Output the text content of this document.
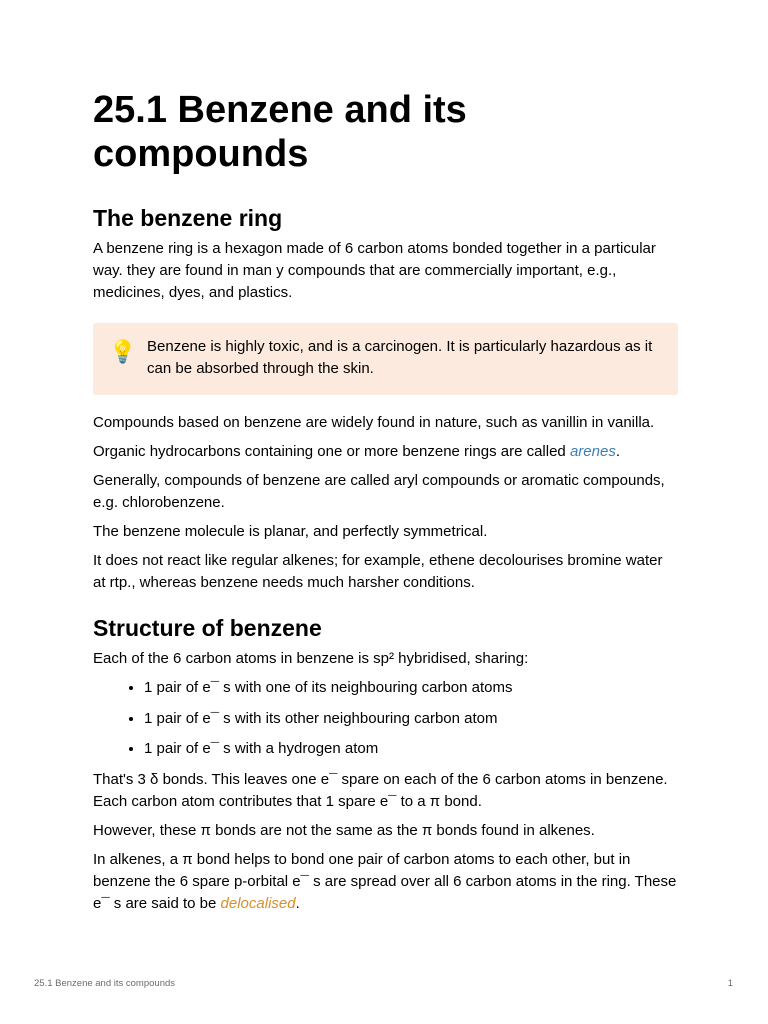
25.1 Benzene and its compounds
The benzene ring

A benzene ring is a hexagon made of 6 carbon atoms bonded together in a particular way. they are found in man y compounds that are commercially important, e.g., medicines, dyes, and plastics.

💡 Benzene is highly toxic, and is a carcinogen. It is particularly hazardous as it can be absorbed through the skin.

Compounds based on benzene are widely found in nature, such as vanillin in vanilla.

Organic hydrocarbons containing one or more benzene rings are called arenes.

Generally, compounds of benzene are called aryl compounds or aromatic compounds, e.g. chlorobenzene.

The benzene molecule is planar, and perfectly symmetrical.

It does not react like regular alkenes; for example, ethene decolourises bromine water at rtp., whereas benzene needs much harsher conditions.

Structure of benzene

Each of the 6 carbon atoms in benzene is sp² hybridised, sharing:

• 1 pair of e¯ s with one of its neighbouring carbon atoms
• 1 pair of e¯ s with its other neighbouring carbon atom
• 1 pair of e¯ s with a hydrogen atom

That's 3 δ bonds. This leaves one e¯ spare on each of the 6 carbon atoms in benzene. Each carbon atom contributes that 1 spare e¯ to a π bond.

However, these π bonds are not the same as the π bonds found in alkenes.

In alkenes, a π bond helps to bond one pair of carbon atoms to each other, but in benzene the 6 spare p-orbital e¯ s are spread over all 6 carbon atoms in the ring. These e¯ s are said to be delocalised.

25.1 Benzene and its compounds	1
